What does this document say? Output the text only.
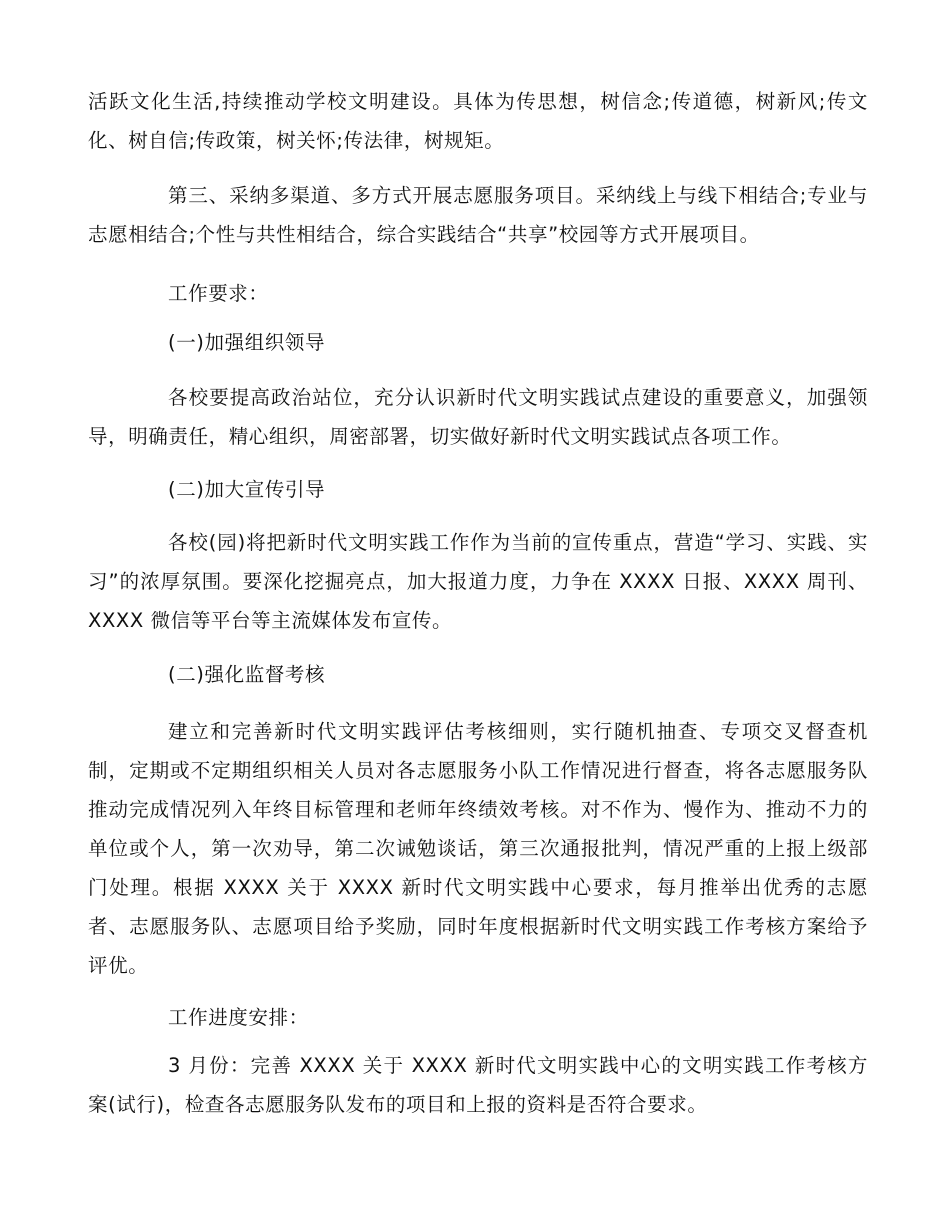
活跃文化生活,持续推动学校文明建设。具体为传思想，树信念;传道德，树新风;传文化、树自信;传政策，树关怀;传法律，树规矩。

第三、采纳多渠道、多方式开展志愿服务项目。采纳线上与线下相结合;专业与志愿相结合;个性与共性相结合，综合实践结合“共享”校园等方式开展项目。

工作要求：

(一)加强组织领导

各校要提高政治站位，充分认识新时代文明实践试点建设的重要意义，加强领导，明确责任，精心组织，周密部署，切实做好新时代文明实践试点各项工作。

(二)加大宣传引导

各校(园)将把新时代文明实践工作作为当前的宣传重点，营造“学习、实践、实习”的浓厚氛围。要深化挖掘亮点，加大报道力度，力争在 XXXX 日报、XXXX 周刊、XXXX 微信等平台等主流媒体发布宣传。

(二)强化监督考核

建立和完善新时代文明实践评估考核细则，实行随机抽查、专项交叉督查机制，定期或不定期组织相关人员对各志愿服务小队工作情况进行督查，将各志愿服务队推动完成情况列入年终目标管理和老师年终绩效考核。对不作为、慢作为、推动不力的单位或个人，第一次劝导，第二次诫勉谈话，第三次通报批判，情况严重的上报上级部门处理。根据 XXXX 关于 XXXX 新时代文明实践中心要求，每月推举出优秀的志愿者、志愿服务队、志愿项目给予奖励，同时年度根据新时代文明实践工作考核方案给予评优。

工作进度安排：

3 月份：完善 XXXX 关于 XXXX 新时代文明实践中心的文明实践工作考核方案(试行)，检查各志愿服务队发布的项目和上报的资料是否符合要求。
